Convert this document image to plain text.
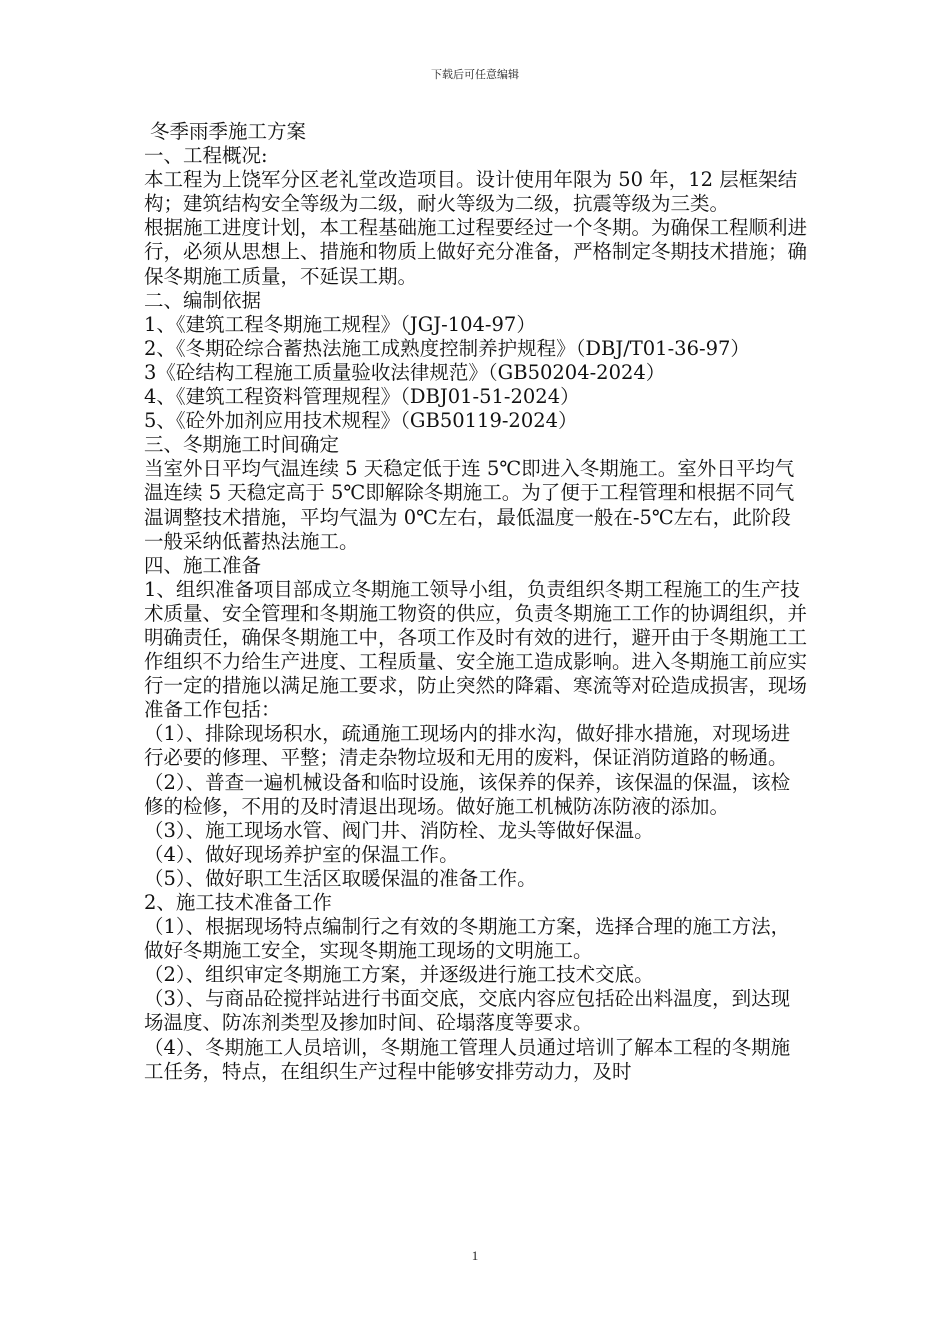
下载后可任意编辑

冬季雨季施工方案

一、工程概况:

本工程为上饶军分区老礼堂改造项目。设计使用年限为 50 年，12 层框架结构；建筑结构安全等级为二级，耐火等级为二级，抗震等级为三类。

根据施工进度计划，本工程基础施工过程要经过一个冬期。为确保工程顺利进行，必须从思想上、措施和物质上做好充分准备，严格制定冬期技术措施；确保冬期施工质量，不延误工期。

二、编制依据

1、《建筑工程冬期施工规程》（JGJ-104-97）

2、《冬期砼综合蓄热法施工成熟度控制养护规程》（DBJ/T01-36-97）

3《砼结构工程施工质量验收法律规范》（GB50204-2024）

4、《建筑工程资料管理规程》（DBJ01-51-2024）

5、《砼外加剂应用技术规程》（GB50119-2024）

三、冬期施工时间确定

当室外日平均气温连续 5 天稳定低于连 5℃即进入冬期施工。室外日平均气温连续 5 天稳定高于 5℃即解除冬期施工。为了便于工程管理和根据不同气温调整技术措施，平均气温为 0℃左右，最低温度一般在-5℃左右，此阶段一般采纳低蓄热法施工。

四、施工准备

1、组织准备项目部成立冬期施工领导小组，负责组织冬期工程施工的生产技术质量、安全管理和冬期施工物资的供应，负责冬期施工工作的协调组织，并明确责任，确保冬期施工中，各项工作及时有效的进行，避开由于冬期施工工作组织不力给生产进度、工程质量、安全施工造成影响。进入冬期施工前应实行一定的措施以满足施工要求，防止突然的降霜、寒流等对砼造成损害，现场准备工作包括：

（1）、排除现场积水，疏通施工现场内的排水沟，做好排水措施，对现场进行必要的修理、平整；清走杂物垃圾和无用的废料，保证消防道路的畅通。

（2）、普查一遍机械设备和临时设施，该保养的保养，该保温的保温，该检修的检修，不用的及时清退出现场。做好施工机械防冻防液的添加。

（3）、施工现场水管、阀门井、消防栓、龙头等做好保温。

（4）、做好现场养护室的保温工作。

（5）、做好职工生活区取暖保温的准备工作。

2、施工技术准备工作

（1）、根据现场特点编制行之有效的冬期施工方案，选择合理的施工方法，做好冬期施工安全，实现冬期施工现场的文明施工。

（2）、组织审定冬期施工方案，并逐级进行施工技术交底。

（3）、与商品砼搅拌站进行书面交底，交底内容应包括砼出料温度，到达现场温度、防冻剂类型及掺加时间、砼塌落度等要求。

（4）、冬期施工人员培训，冬期施工管理人员通过培训了解本工程的冬期施工任务，特点，在组织生产过程中能够安排劳动力，及时

1
